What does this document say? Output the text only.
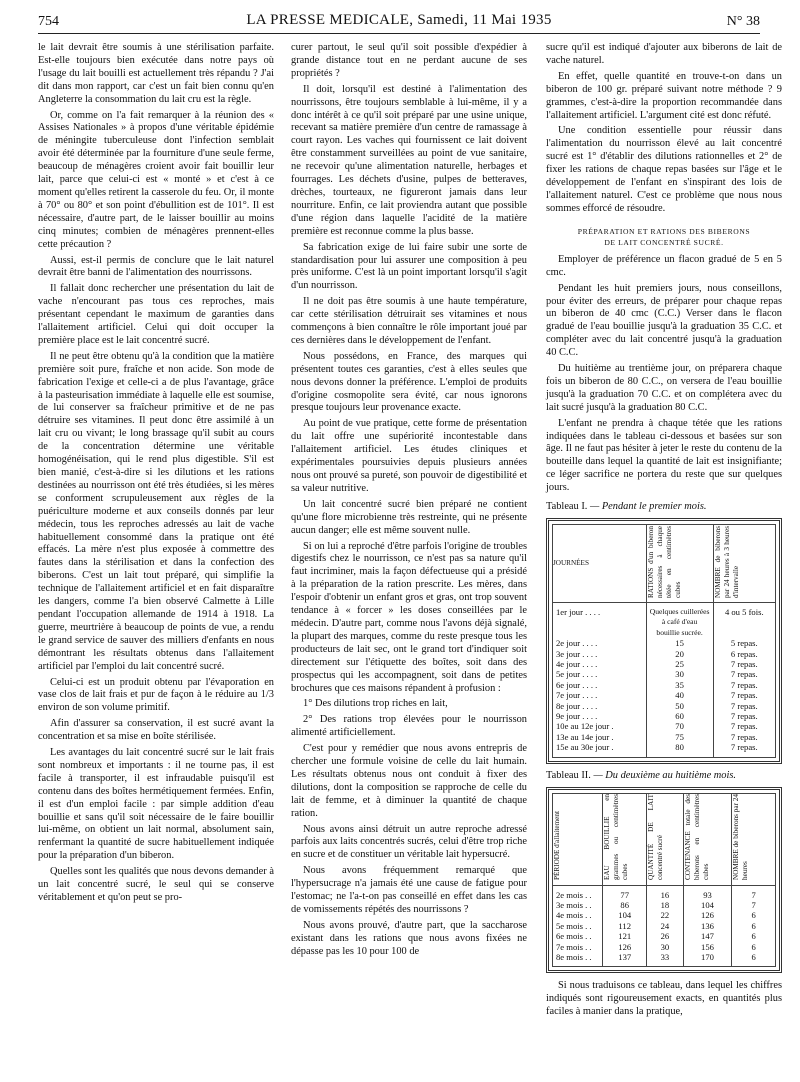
754	LA PRESSE MEDICALE, Samedi, 11 Mai 1935	N° 38

le lait devrait être soumis à une stérilisation parfaite. Est-elle toujours bien exécutée dans notre pays où l'usage du lait bouilli est actuellement très répandu ? J'ai dit dans mon rapport, car c'est un fait bien connu qu'en Angleterre la consommation du lait cru est la règle.

Or, comme on l'a fait remarquer à la réunion des « Assises Nationales » à propos d'une véritable épidémie de méningite tuberculeuse dont l'infection semblait avoir été déterminée par la fourniture d'une seule ferme, beaucoup de ménagères croient avoir fait bouillir leur lait, parce que celui-ci est « monté » et c'est à ce moment qu'elles retirent la casserole du feu. Or, il monte à 70° ou 80° et son point d'ébullition est de 101°. Il est nécessaire, d'autre part, de le laisser bouillir au moins cinq minutes; combien de ménagères prennent-elles cette précaution ?

Aussi, est-il permis de conclure que le lait naturel devrait être banni de l'alimentation des nourrissons.

Il fallait donc rechercher une présentation du lait de vache n'encourant pas tous ces reproches, mais présentant cependant le maximum de garanties dans l'allaitement artificiel. Celui qui doit occuper la première place est le lait concentré sucré.

Il ne peut être obtenu qu'à la condition que la matière première soit pure, fraîche et non acide. Son mode de fabrication l'exige et celle-ci a de plus l'avantage, grâce à la pasteurisation immédiate à laquelle elle est soumise, de lui conserver sa fraîcheur primitive et de ne pas détruire ses vitamines. Il peut donc être assimilé à un lait cru ou vivant; le long brassage qu'il subit au cours de la concentration détermine une véritable homogénéisation, qui le rend plus digestible. S'il est bien manié, c'est-à-dire si les dilutions et les rations destinées au nourrisson ont été très étudiées, si les mères se conforment scrupuleusement aux règles de la puériculture moderne et aux conseils donnés par leur médecin, tous les reproches adressés au lait de vache habituellement consommé dans la pratique ont été effacés. La mère n'est plus exposée à commettre des fautes dans la stérilisation et dans la confection des biberons. C'est un lait tout préparé, qui simplifie la technique de l'allaitement artificiel et en fait disparaître les dangers, comme l'a bien observé Calmette à Lille pendant l'occupation allemande de 1914 à 1918. La guerre, meurtrière à beaucoup de points de vue, a rendu le grand service de sauver des milliers d'enfants en nous démontrant les résultats obtenus dans l'allaitement artificiel par l'emploi du lait concentré sucré.

Celui-ci est un produit obtenu par l'évaporation en vase clos de lait frais et pur de façon à le réduire au 1/3 environ de son volume primitif.

Afin d'assurer sa conservation, il est sucré avant la concentration et sa mise en boîte stérilisée.

Les avantages du lait concentré sucré sur le lait frais sont nombreux et importants : il ne tourne pas, il est facile à transporter, il est infraudable puisqu'il est contenu dans des boîtes hermétiquement fermées. Enfin, il est d'un emploi facile : par simple addition d'eau bouillie et sans qu'il soit nécessaire de le faire bouillir lui-même, on obtient un lait normal, absolument sain, renfermant la quantité de sucre habituellement indiquée pour la préparation d'un biberon.

Quelles sont les qualités que nous devons demander à un lait concentré sucré, le seul qui se conserve véritablement et qu'on peut se pro-

curer partout, le seul qu'il soit possible d'expédier à grande distance tout en ne perdant aucune de ses propriétés ?

Il doit, lorsqu'il est destiné à l'alimentation des nourrissons, être toujours semblable à lui-même, il y a donc intérêt à ce qu'il soit préparé par une usine unique, recevant sa matière première d'un centre de ramassage à court rayon. Les vaches qui fournissent ce lait doivent être constamment surveillées au point de vue sanitaire, ne recevoir qu'une alimentation naturelle, herbages et fourrages. Les déchets d'usine, pulpes de betteraves, drèches, tourteaux, ne figureront jamais dans leur nourriture. Enfin, ce lait proviendra autant que possible d'une région dans laquelle l'acidité de la matière première est reconnue comme la plus basse.

Sa fabrication exige de lui faire subir une sorte de standardisation pour lui assurer une composition à peu près uniforme. C'est là un point important lorsqu'il s'agit d'un nourrisson.

Il ne doit pas être soumis à une haute température, car cette stérilisation détruirait ses vitamines et nous commençons à bien connaître le rôle important joué par ces dernières dans le développement de l'enfant.

Nous possédons, en France, des marques qui présentent toutes ces garanties, c'est à elles seules que nous devons donner la préférence. L'emploi de produits d'origine cosmopolite sera évité, car nous ignorons presque toujours leur provenance exacte.

Au point de vue pratique, cette forme de présentation du lait offre une supériorité incontestable dans l'allaitement artificiel. Les études cliniques et expérimentales poursuivies depuis plusieurs années nous ont prouvé sa pureté, son pouvoir de digestibilité et sa valeur nutritive.

Un lait concentré sucré bien préparé ne contient qu'une flore microbienne très restreinte, qui ne présente aucun danger; elle est même souvent nulle.

Si on lui a reproché d'être parfois l'origine de troubles digestifs chez le nourrisson, ce n'est pas sa nature qu'il faut incriminer, mais la façon défectueuse qui a présidé à la préparation de la ration prescrite. Les mères, dans l'espoir d'obtenir un enfant gros et gras, ont trop souvent tendance à « forcer » les doses conseillées par le médecin. D'autre part, comme nous l'avons déjà signalé, la plupart des marques, comme du reste presque tous les producteurs de lait sec, ont le grand tort d'indiquer soit directement sur l'étiquette des boîtes, soit dans des prospectus qui les accompagnent, soit dans de petites brochures que ces maisons répandent à profusion :

1° Des dilutions trop riches en lait,

2° Des rations trop élevées pour le nourrisson alimenté artificiellement.

C'est pour y remédier que nous avons entrepris de chercher une formule voisine de celle du lait humain. Les résultats obtenus nous ont conduit à fixer des dilutions, dont la composition se rapproche de celle du lait de femme, et à diminuer la quantité de chaque ration.

Nous avons ainsi détruit un autre reproche adressé parfois aux laits concentrés sucrés, celui d'être trop riche en sucre et de constituer un véritable lait hypersucré.

Nous avons fréquemment remarqué que l'hypersucrage n'a jamais été une cause de fatigue pour l'estomac; ne l'a-t-on pas conseillé en effet dans les cas de vomissements répétés des nourrissons ?

Nous avons prouvé, d'autre part, que la saccharose existant dans les rations que nous avons fixées ne dépasse pas les 10 pour 100 de

sucre qu'il est indiqué d'ajouter aux biberons de lait de vache naturel.

En effet, quelle quantité en trouve-t-on dans un biberon de 100 gr. préparé suivant notre méthode ? 9 grammes, c'est-à-dire la proportion recommandée dans l'allaitement artificiel. L'argument cité est donc réfuté.

Une condition essentielle pour réussir dans l'alimentation du nourrisson élevé au lait concentré sucré est 1° d'établir des dilutions rationnelles et 2° de fixer les rations de chaque repas basées sur l'âge et le développement de l'enfant en s'inspirant des lois de l'allaitement naturel. C'est ce problème que nous nous sommes efforcé de résoudre.

PRÉPARATION ET RATIONS DES BIBERONS
DE LAIT CONCENTRÉ SUCRÉ.

Employer de préférence un flacon gradué de 5 en 5 cmc.

Pendant les huit premiers jours, nous conseillons, pour éviter des erreurs, de préparer pour chaque repas un biberon de 40 cmc (C.C.) Verser dans le flacon gradué de l'eau bouillie jusqu'à la graduation 35 C.C. et compléter avec du lait concentré jusqu'à la graduation 40 C.C.

Du huitième au trentième jour, on préparera chaque fois un biberon de 80 C.C., on versera de l'eau bouillie jusqu'à la graduation 70 C.C. et on complétera avec du lait sucré jusqu'à la graduation 80 C.C.

L'enfant ne prendra à chaque tétée que les rations indiquées dans le tableau ci-dessous et basées sur son âge. Il ne faut pas hésiter à jeter le reste du contenu de la bouteille dans lequel la quantité de lait est insignifiante; ce léger sacrifice ne portera du reste que sur quelques jours.

Tableau I. — Pendant le premier mois.
JOURNÉES	RATIONS d'un biberon nécessaires à chaque tétée en centimètres cubes	NOMBRE de biberons par 24 heures à 3 heures d'intervalle
1er jour . . . .	Quelques cuillerées à café d'eau bouillie sucrée.	4 ou 5 fois.
2e jour . . . .	15	5 repas.
3e jour . . . .	20	6 repas.
4e jour . . . .	25	7 repas.
5e jour . . . .	30	7 repas.
6e jour . . . .	35	7 repas.
7e jour . . . .	40	7 repas.
8e jour . . . .	50	7 repas.
9e jour . . . .	60	7 repas.
10e au 12e jour .	70	7 repas.
13e au 14e jour .	75	7 repas.
15e au 30e jour .	80	7 repas.
Tableau II. — Du deuxième au huitième mois.
PÉRIODE d'allaitement	EAU BOUILLIE en grammes ou centimètres cubes	QUANTITÉ DE LAIT concentré sucré	CONTENANCE totale des biberons en centimètres cubes	NOMBRE de biberons par 24 heures
2e mois . .	77	16	93	7
3e mois . .	86	18	104	7
4e mois . .	104	22	126	6
5e mois . .	112	24	136	6
6e mois . .	121	26	147	6
7e mois . .	126	30	156	6
8e mois . .	137	33	170	6

Si nous traduisons ce tableau, dans lequel les chiffres indiqués sont rigoureusement exacts, en quantités plus faciles à manier dans la pratique,
